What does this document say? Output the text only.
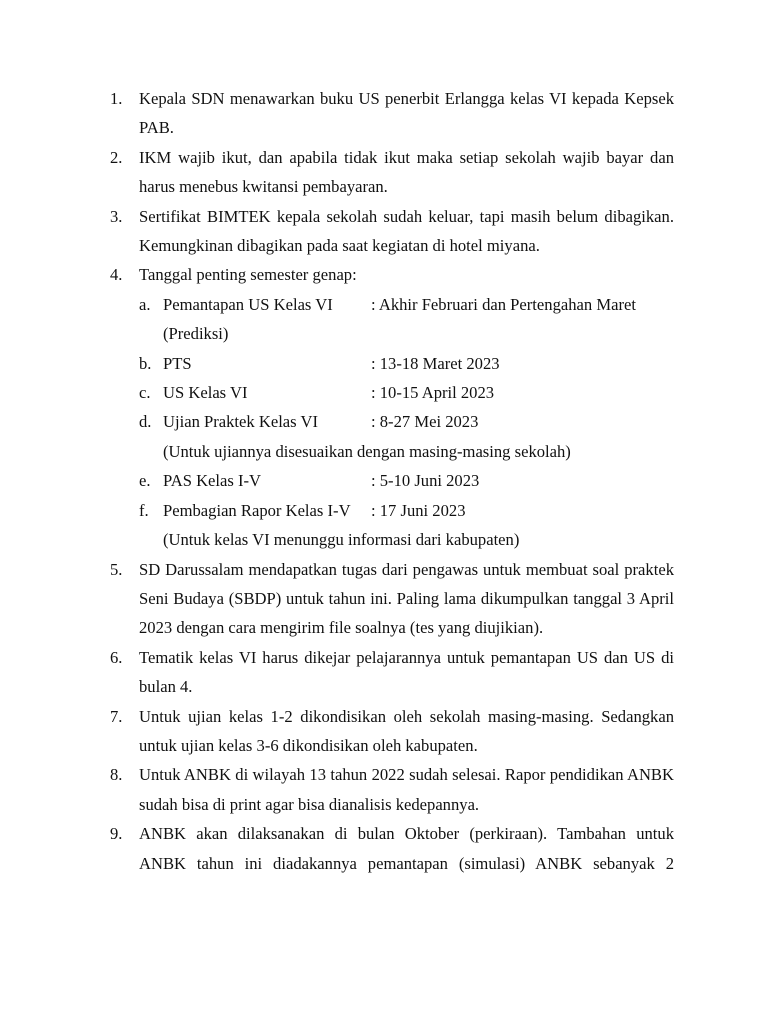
1. Kepala SDN menawarkan buku US penerbit Erlangga kelas VI kepada Kepsek PAB.
2. IKM wajib ikut, dan apabila tidak ikut maka setiap sekolah wajib bayar dan harus menebus kwitansi pembayaran.
3. Sertifikat BIMTEK kepala sekolah sudah keluar, tapi masih belum dibagikan. Kemungkinan dibagikan pada saat kegiatan di hotel miyana.
4. Tanggal penting semester genap:
a. Pemantapan US Kelas VI	: Akhir Februari dan Pertengahan Maret
(Prediksi)
b. PTS	: 13-18 Maret 2023
c. US Kelas VI	: 10-15 April 2023
d. Ujian Praktek Kelas VI	: 8-27 Mei 2023
(Untuk ujiannya disesuaikan dengan masing-masing sekolah)
e. PAS Kelas I-V	: 5-10 Juni 2023
f. Pembagian Rapor Kelas I-V	: 17 Juni 2023
(Untuk kelas VI menunggu informasi dari kabupaten)
5. SD Darussalam mendapatkan tugas dari pengawas untuk membuat soal praktek Seni Budaya (SBDP) untuk tahun ini. Paling lama dikumpulkan tanggal 3 April 2023 dengan cara mengirim file soalnya (tes yang diujikian).
6. Tematik kelas VI harus dikejar pelajarannya untuk pemantapan US dan US di bulan 4.
7. Untuk ujian kelas 1-2 dikondisikan oleh sekolah masing-masing. Sedangkan untuk ujian kelas 3-6 dikondisikan oleh kabupaten.
8. Untuk ANBK di wilayah 13 tahun 2022 sudah selesai. Rapor pendidikan ANBK sudah bisa di print agar bisa dianalisis kedepannya.
9. ANBK akan dilaksanakan di bulan Oktober (perkiraan). Tambahan untuk ANBK tahun ini diadakannya pemantapan (simulasi) ANBK sebanyak 2
